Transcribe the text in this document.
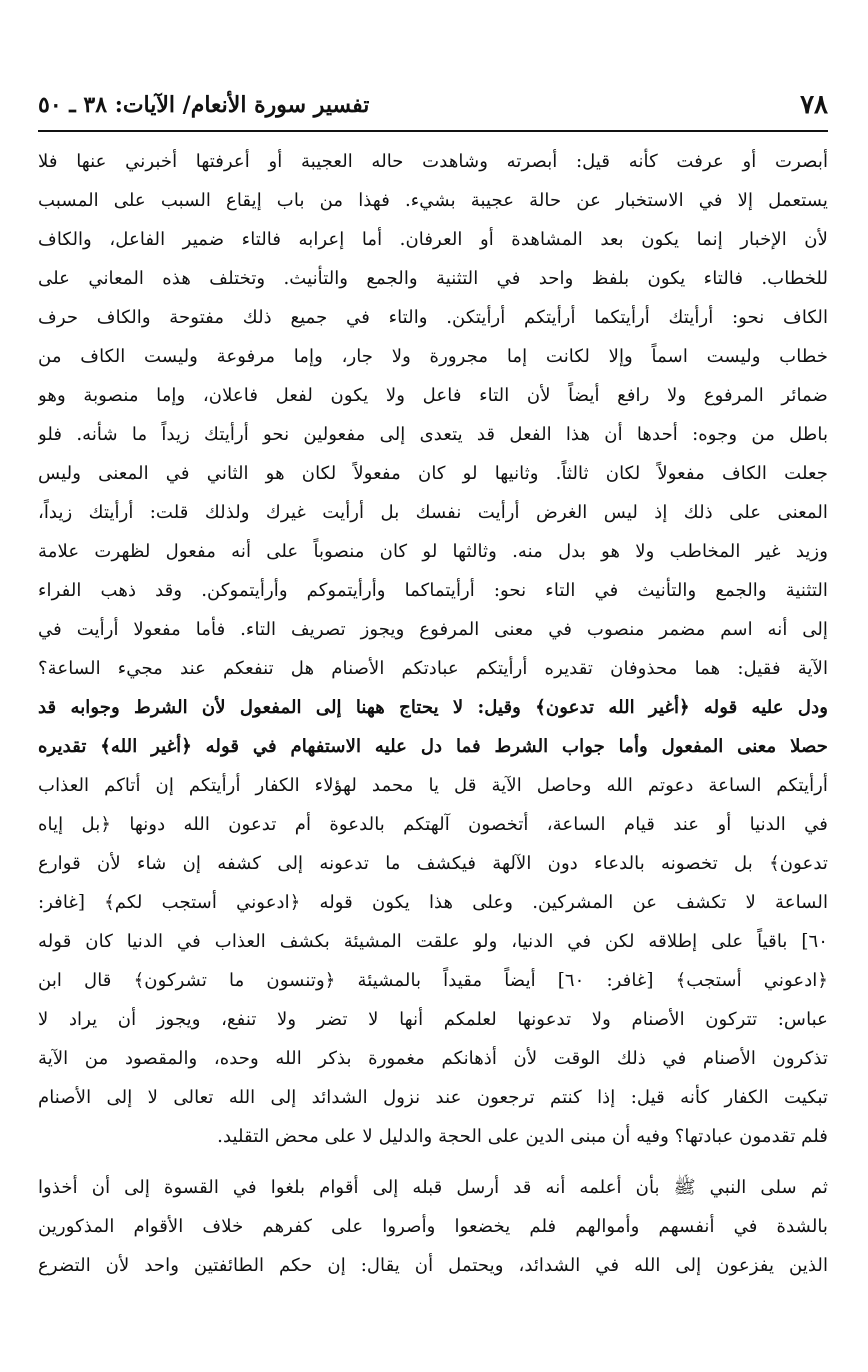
٧٨
تفسير سورة الأنعام/ الآيات: ٣٨ ـ ٥٠
أبصرت أو عرفت كأنه قيل: أبصرته وشاهدت حاله العجيبة أو أعرفتها أخبرني عنها فلا
يستعمل إلا في الاستخبار عن حالة عجيبة بشيء. فهذا من باب إيقاع السبب على المسبب
لأن الإخبار إنما يكون بعد المشاهدة أو العرفان. أما إعرابه فالتاء ضمير الفاعل، والكاف
للخطاب. فالتاء يكون بلفظ واحد في التثنية والجمع والتأنيث. وتختلف هذه المعاني على
الكاف نحو: أرأيتك أرأيتكما أرأيتكم أرأيتكن. والتاء في جميع ذلك مفتوحة والكاف حرف
خطاب وليست اسماً وإلا لكانت إما مجرورة ولا جار، وإما مرفوعة وليست الكاف من
ضمائر المرفوع ولا رافع أيضاً لأن التاء فاعل ولا يكون لفعل فاعلان، وإما منصوبة وهو
باطل من وجوه: أحدها أن هذا الفعل قد يتعدى إلى مفعولين نحو أرأيتك زيداً ما شأنه. فلو
جعلت الكاف مفعولاً لكان ثالثاً. وثانيها لو كان مفعولاً لكان هو الثاني في المعنى وليس
المعنى على ذلك إذ ليس الغرض أرأيت نفسك بل أرأيت غيرك ولذلك قلت: أرأيتك زيداً،
وزيد غير المخاطب ولا هو بدل منه. وثالثها لو كان منصوباً على أنه مفعول لظهرت علامة
التثنية والجمع والتأنيث في التاء نحو: أرأيتماكما وأرأيتموكم وأرأيتموكن. وقد ذهب الفراء
إلى أنه اسم مضمر منصوب في معنى المرفوع ويجوز تصريف التاء. فأما مفعولا أرأيت في
الآية فقيل: هما محذوفان تقديره أرأيتكم عبادتكم الأصنام هل تنفعكم عند مجيء الساعة؟
ودل عليه قوله ﴿أغير الله تدعون﴾ وقيل: لا يحتاج ههنا إلى المفعول لأن الشرط وجوابه قد
حصلا معنى المفعول وأما جواب الشرط فما دل عليه الاستفهام في قوله ﴿أغير الله﴾ تقديره
أرأيتكم الساعة دعوتم الله وحاصل الآية قل يا محمد لهؤلاء الكفار أرأيتكم إن أتاكم العذاب
في الدنيا أو عند قيام الساعة، أتخصون آلهتكم بالدعوة أم تدعون الله دونها ﴿بل إياه
تدعون﴾ بل تخصونه بالدعاء دون الآلهة فيكشف ما تدعونه إلى كشفه إن شاء لأن قوارع
الساعة لا تكشف عن المشركين. وعلى هذا يكون قوله ﴿ادعوني أستجب لكم﴾ [غافر:
٦٠] باقياً على إطلاقه لكن في الدنيا، ولو علقت المشيئة بكشف العذاب في الدنيا كان قوله
﴿ادعوني أستجب﴾ [غافر: ٦٠] أيضاً مقيداً بالمشيئة ﴿وتنسون ما تشركون﴾ قال ابن
عباس: تتركون الأصنام ولا تدعونها لعلمكم أنها لا تضر ولا تنفع، ويجوز أن يراد لا
تذكرون الأصنام في ذلك الوقت لأن أذهانكم مغمورة بذكر الله وحده، والمقصود من الآية
تبكيت الكفار كأنه قيل: إذا كنتم ترجعون عند نزول الشدائد إلى الله تعالى لا إلى الأصنام
فلم تقدمون عبادتها؟ وفيه أن مبنى الدين على الحجة والدليل لا على محض التقليد.
ثم سلى النبي ﷺ بأن أعلمه أنه قد أرسل قبله إلى أقوام بلغوا في القسوة إلى أن أخذوا
بالشدة في أنفسهم وأموالهم فلم يخضعوا وأصروا على كفرهم خلاف الأقوام المذكورين
الذين يفزعون إلى الله في الشدائد، ويحتمل أن يقال: إن حكم الطائفتين واحد لأن التضرع
